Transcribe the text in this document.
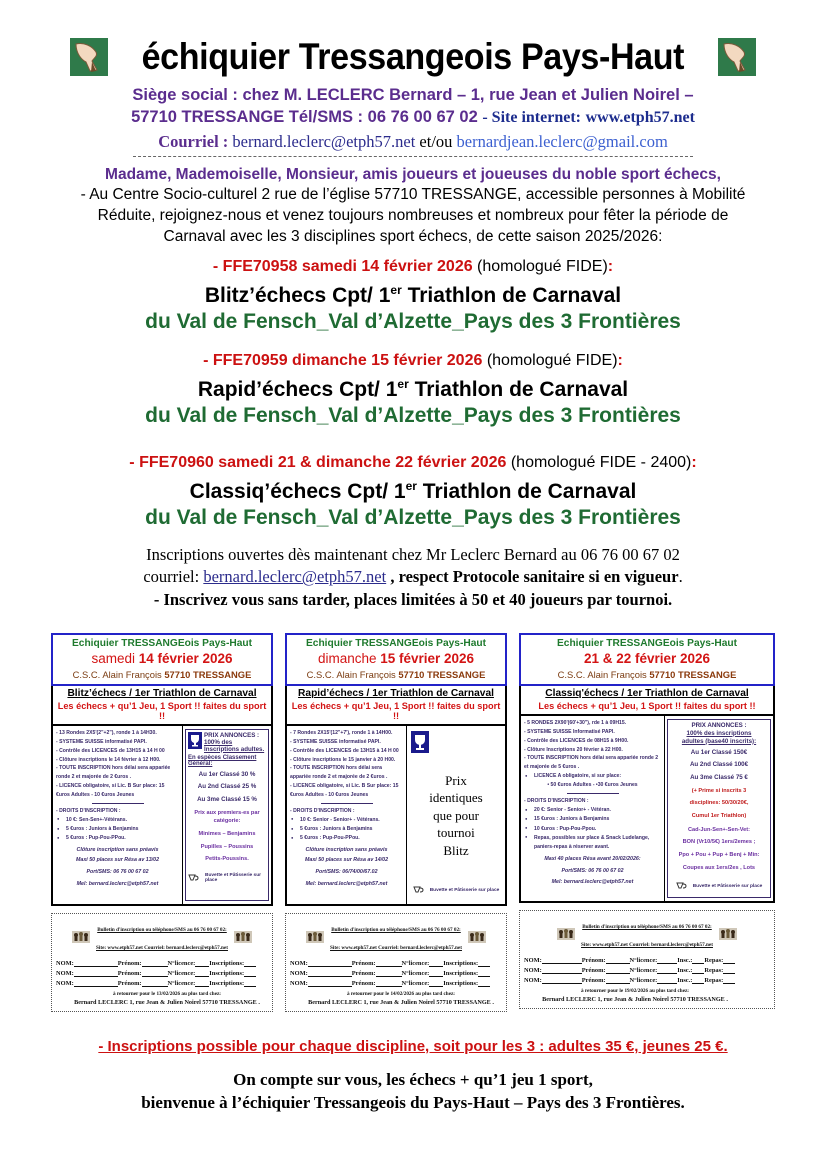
échiquier Tressangeois Pays-Haut
Siège social : chez M. LECLERC Bernard – 1, rue Jean et Julien Noirel –
57710 TRESSANGE Tél/SMS : 06 76 00 67 02 - Site internet: www.etph57.net
Courriel : bernard.leclerc@etph57.net et/ou bernardjean.leclerc@gmail.com
Madame, Mademoiselle, Monsieur, amis joueurs et joueuses du noble sport échecs,
- Au Centre Socio-culturel 2 rue de l’église 57710 TRESSANGE, accessible personnes à Mobilité
Réduite, rejoignez-nous et venez toujours nombreuses et nombreux pour fêter la période de
Carnaval avec les 3 disciplines sport échecs, de cette saison 2025/2026:
- FFE70958 samedi 14 février 2026 (homologué FIDE):
Blitz’échecs Cpt/ 1er Triathlon de Carnaval
du Val de Fensch_Val d’Alzette_Pays des 3 Frontières
- FFE70959 dimanche 15 février 2026 (homologué FIDE):
Rapid’échecs Cpt/ 1er Triathlon de Carnaval
du Val de Fensch_Val d’Alzette_Pays des 3 Frontières
- FFE70960 samedi 21 & dimanche 22 février 2026 (homologué FIDE - 2400):
Classiq’échecs Cpt/ 1er Triathlon de Carnaval
du Val de Fensch_Val d’Alzette_Pays des 3 Frontières
Inscriptions ouvertes dès maintenant chez Mr Leclerc Bernard au 06 76 00 67 02
courriel: bernard.leclerc@etph57.net , respect Protocole sanitaire si en vigueur.
- Inscrivez vous sans tarder, places limitées à 50 et 40 joueurs par tournoi.
Echiquier TRESSANGEois Pays-Haut
samedi 14 février 2026
C.S.C. Alain François 57710 TRESSANGE
Blitz’échecs / 1er Triathlon de Carnaval
Les échecs + qu’1 Jeu, 1 Sport !! faites du sport !!
- 13 Rondes 2X5'(2"+2"), ronde 1 à 14H30.
- SYSTEME SUISSE informatisé PAPI.
- Contrôle des LICENCES de 13H15 à 14 H 00
- Clôture inscriptions le 14 février à 12 H00.
- TOUTE INSCRIPTION hors délai sera appariée ronde 2 et majorée de 2 €uros .
- LICENCE obligatoire, si Lic. B Sur place: 15 €uros Adultes - 10 €uros Jeunes
- DROITS D'INSCRIPTION :
● 10 €: Sen-Sen+-Vétérans.
● 5 €uros : Juniors à Benjamins
● 5 €uros : Pup-Pou-PPou.
Clôture inscription sans préavis
Maxi 50 places sur Résa av 13/02
Port/SMS: 06 76 00 67 02
Mel: bernard.leclerc@etph57.net
PRIX ANNONCES :
100% des
Inscriptions adultes.
En espèces Classement Général:
Au 1er Classé 30 %
Au 2nd Classé 25 %
Au 3me Classé 15 %
Prix aux premiers-es par catégorie:
Minimes – Benjamins
Pupilles – Poussins
Petits-Poussins.
Buvette et Pâtisserie sur place
Bulletin d'inscription ou téléphone/SMS au 06 76 00 67 02:
Site: www.etph57.net Courriel: bernard.leclerc@etph57.net
NOM:	Prénom:	N°licence: Inscriptions:
NOM:	Prénom:	N°licence: Inscriptions:
NOM:	Prénom:	N°licence: Inscriptions:
à retourner pour le 13/02/2026 au plus tard chez:
Bernard LECLERC 1, rue Jean & Julien Noirel 57710 TRESSANGE .
Echiquier TRESSANGEois Pays-Haut
dimanche 15 février 2026
C.S.C. Alain François 57710 TRESSANGE
Rapid’échecs / 1er Triathlon de Carnaval
Les échecs + qu’1 Jeu, 1 Sport !! faites du sport !!
- 7 Rondes 2X15'(12"+7'), ronde 1 à 14H00.
- SYSTEME SUISSE informatisé PAPI.
- Contrôle des LICENCES de 13H15 à 14 H 00
- Clôture inscriptions le 15 janvier à 20 H00.
- TOUTE INSCRIPTION hors délai sera appariée ronde 2 et majorée de 2 €uros .
- LICENCE obligatoire, si Lic. B Sur place: 15 €uros Adultes - 10 €uros Jeunes
- DROITS D'INSCRIPTION :
● 10 €: Senior - Senior+ - Vétérans.
● 5 €uros : Juniors à Benjamins
● 5 €uros : Pup-Pou-PPou.
Clôture inscription sans préavis
Maxi 50 places sur Résa av 14/02
Port/SMS: 06/74/00/67.02
Mel: bernard.leclerc@etph57.net
Prix
identiques
que pour
tournoi
Blitz
Buvette et Pâtisserie sur place
Bulletin d'inscription ou téléphone/SMS au 06 76 00 67 02:
Site: www.etph57.net Courriel: bernard.leclerc@etph57.net
NOM:	Prénom:	N°licence: Inscriptions:
NOM:	Prénom:	N°licence: Inscriptions:
NOM:	Prénom:	N°licence: Inscriptions:
à retourner pour le 14/02/2026 au plus tard chez:
Bernard LECLERC 1, rue Jean & Julien Noirel 57710 TRESSANGE .
Echiquier TRESSANGEois Pays-Haut
21 & 22 février 2026
C.S.C. Alain François 57710 TRESSANGE
Classiq'échecs / 1er Triathlon de Carnaval
Les échecs + qu’1 Jeu, 1 Sport !! faites du sport !!
- 5 RONDES 2X90'(60'+30"), rde 1 à 09H15.
- SYSTEME SUISSE Informatisé PAPI.
- Contrôle des LICENCES de 08H15 à 9H00.
- Clôture Inscriptions 20 février à 22 H00.
- TOUTE INSCRIPTION hors délai sera appariée ronde 2 et majorée de 5 €uros .
● LICENCE A obligatoire, si sur place:
• 50 €uros Adultes - •30 €uros Jeunes
- DROITS D'INSCRIPTION :
● 20 €: Senior - Senior+ - Vétéran.
● 15 €uros : Juniors à Benjamins
● 10 €uros : Pup-Pou-Ppou.
● Repas, possibles sur place & Snack Ludelange, paniers-repas à réserver avant.
Maxi 40 places Résa avant 20/02/2026:
Port/SMS: 06 76 00 67 02
Mel: bernard.leclerc@etph57.net
PRIX ANNONCES :
100% des inscriptions
adultes (base40 inscrits):
Au 1er Classé 150€
Au 2nd Classé 100€
Au 3me Classé 75 €
(+ Prime si inscrits 3
disciplines: 50/30/20€,
Cumul 1er Triathlon)
Cad-Jun-Sen+-Sen-Vet:
BON (Vr10/5€) 1ers/2emes ;
Ppo + Pou + Pup + Benj + Min:
Coupes aux 1ers/2es , Lots
Buvette et Pâtisserie sur place
Bulletin d'inscription ou téléphone/SMS au 06 76 00 67 02:
Site: www.etph57.net Courriel: bernard.leclerc@etph57.net
NOM:	Prénom:	N°licence:	Insc.: Repas:
NOM:	Prénom:	N°licence:	Insc.: Repas:
NOM:	Prénom:	N°licence:	Insc.: Repas:
à retourner pour le 19/02/2026 au plus tard chez:
Bernard LECLERC 1, rue Jean & Julien Noirel 57710 TRESSANGE .
- Inscriptions possible pour chaque discipline, soit pour les 3 : adultes 35 €, jeunes 25 €.
On compte sur vous, les échecs + qu’1 jeu 1 sport,
bienvenue à l’échiquier Tressangeois du Pays-Haut – Pays des 3 Frontières.
